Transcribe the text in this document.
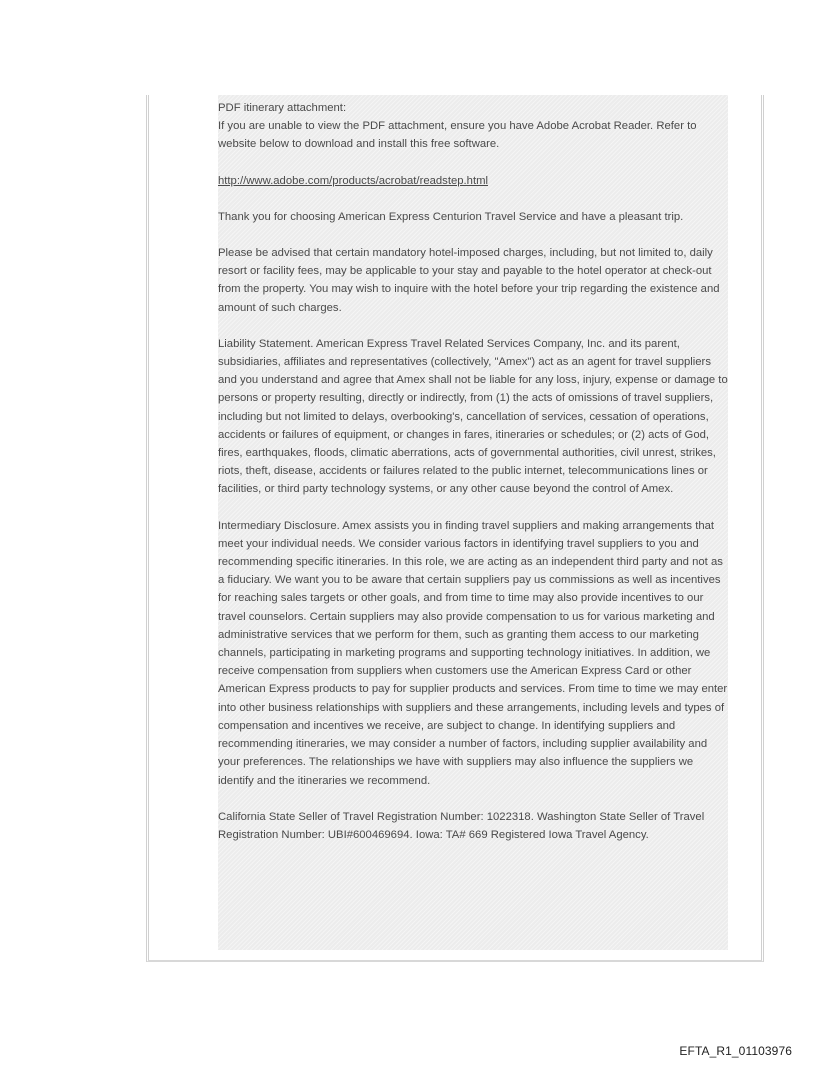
PDF itinerary attachment:
If you are unable to view the PDF attachment, ensure you have Adobe Acrobat Reader. Refer to website below to download and install this free software.
http://www.adobe.com/products/acrobat/readstep.html
Thank you for choosing American Express Centurion Travel Service and have a pleasant trip.
Please be advised that certain mandatory hotel-imposed charges, including, but not limited to, daily resort or facility fees, may be applicable to your stay and payable to the hotel operator at check-out from the property. You may wish to inquire with the hotel before your trip regarding the existence and amount of such charges.
Liability Statement. American Express Travel Related Services Company, Inc. and its parent, subsidiaries, affiliates and representatives (collectively, "Amex") act as an agent for travel suppliers and you understand and agree that Amex shall not be liable for any loss, injury, expense or damage to persons or property resulting, directly or indirectly, from (1) the acts of omissions of travel suppliers, including but not limited to delays, overbooking's, cancellation of services, cessation of operations, accidents or failures of equipment, or changes in fares, itineraries or schedules; or (2) acts of God, fires, earthquakes, floods, climatic aberrations, acts of governmental authorities, civil unrest, strikes, riots, theft, disease, accidents or failures related to the public internet, telecommunications lines or facilities, or third party technology systems, or any other cause beyond the control of Amex.
Intermediary Disclosure. Amex assists you in finding travel suppliers and making arrangements that meet your individual needs. We consider various factors in identifying travel suppliers to you and recommending specific itineraries. In this role, we are acting as an independent third party and not as a fiduciary. We want you to be aware that certain suppliers pay us commissions as well as incentives for reaching sales targets or other goals, and from time to time may also provide incentives to our travel counselors. Certain suppliers may also provide compensation to us for various marketing and administrative services that we perform for them, such as granting them access to our marketing channels, participating in marketing programs and supporting technology initiatives. In addition, we receive compensation from suppliers when customers use the American Express Card or other American Express products to pay for supplier products and services. From time to time we may enter into other business relationships with suppliers and these arrangements, including levels and types of compensation and incentives we receive, are subject to change. In identifying suppliers and recommending itineraries, we may consider a number of factors, including supplier availability and your preferences. The relationships we have with suppliers may also influence the suppliers we identify and the itineraries we recommend.
California State Seller of Travel Registration Number: 1022318. Washington State Seller of Travel Registration Number: UBI#600469694. Iowa: TA# 669 Registered Iowa Travel Agency.
EFTA_R1_01103976
